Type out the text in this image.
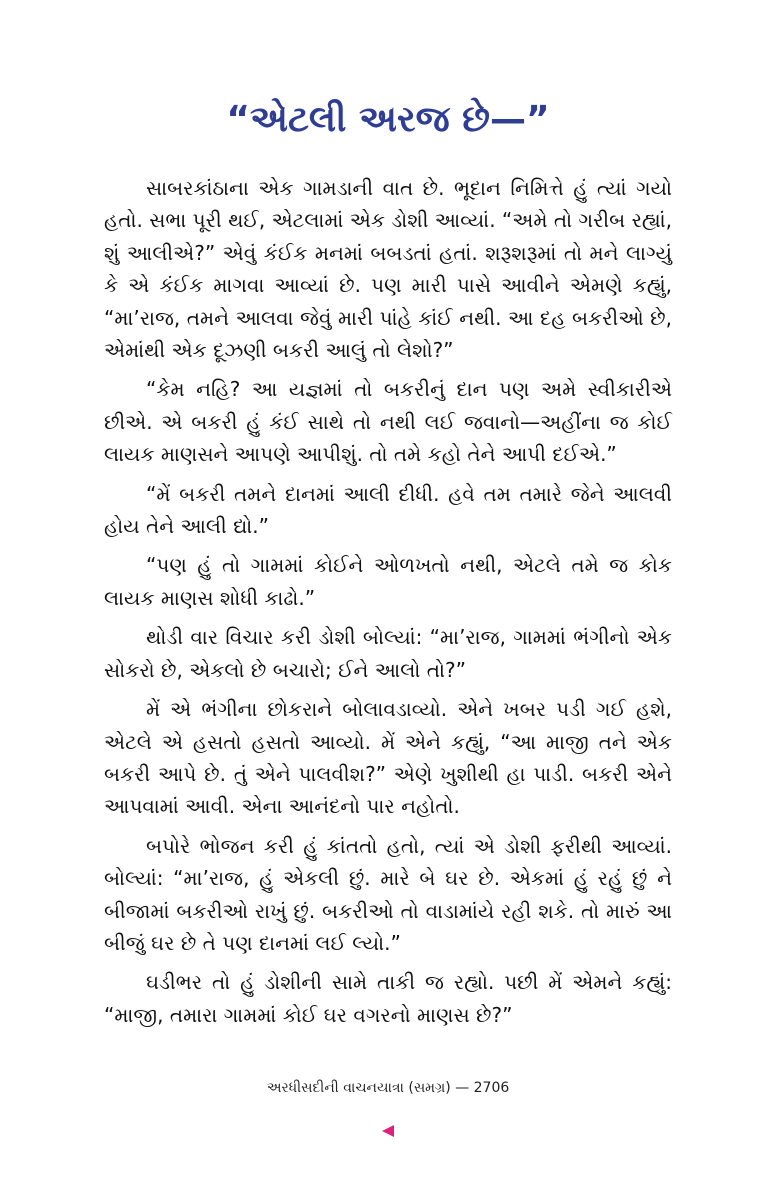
“એટલી અરજ છે—”

સાબરકાંઠાના એક ગામડાની વાત છે. ભૂદાન નિમિત્તે હું ત્યાં ગયો હતો. સભા પૂરી થઈ, એટલામાં એક ડોશી આવ્યાં. “અમે તો ગરીબ રહ્યાં, શું આલીએ?” એવું કંઈક મનમાં બબડતાં હતાં. શરૂશરૂમાં તો મને લાગ્યું કે એ કંઈક માગવા આવ્યાં છે. પણ મારી પાસે આવીને એમણે કહ્યું, “મા’રાજ, તમને આલવા જેવું મારી પાંહે કાંઈ નથી. આ દહ બકરીઓ છે, એમાંથી એક દૂઝણી બકરી આલું તો લેશો?”

“કેમ નહિ? આ યજ્ઞમાં તો બકરીનું દાન પણ અમે સ્વીકારીએ છીએ. એ બકરી હું કંઈ સાથે તો નથી લઈ જવાનો—અહીંના જ કોઈ લાયક માણસને આપણે આપીશું. તો તમે કહો તેને આપી દઈએ.”

“મેં બકરી તમને દાનમાં આલી દીધી. હવે તમ તમારે જેને આલવી હોય તેને આલી દ્યો.”

“પણ હું તો ગામમાં કોઈને ઓળખતો નથી, એટલે તમે જ કોક લાયક માણસ શોધી કાઢો.”

થોડી વાર વિચાર કરી ડોશી બોલ્યાં: “મા’રાજ, ગામમાં ભંગીનો એક સોકરો છે, એકલો છે બચારો; ઈને આલો તો?”

મેં એ ભંગીના છોકરાને બોલાવડાવ્યો. એને ખબર પડી ગઈ હશે, એટલે એ હસતો હસતો આવ્યો. મેં એને કહ્યું, “આ માજી તને એક બકરી આપે છે. તું એને પાલવીશ?” એણે ખુશીથી હા પાડી. બકરી એને આપવામાં આવી. એના આનંદનો પાર નહોતો.

બપોરે ભોજન કરી હું કાંતતો હતો, ત્યાં એ ડોશી ફરીથી આવ્યાં. બોલ્યાં: “મા’રાજ, હું એકલી છું. મારે બે ઘર છે. એકમાં હું રહું છું ને બીજામાં બકરીઓ રાખું છું. બકરીઓ તો વાડામાંયે રહી શકે. તો મારું આ બીજું ઘર છે તે પણ દાનમાં લઈ લ્યો.”

ઘડીભર તો હું ડોશીની સામે તાકી જ રહ્યો. પછી મેં એમને કહ્યું: “માજી, તમારા ગામમાં કોઈ ઘર વગરનો માણસ છે?”

અરધીસદીની વાચનયાત્રા (સમગ્ર) — 2706
